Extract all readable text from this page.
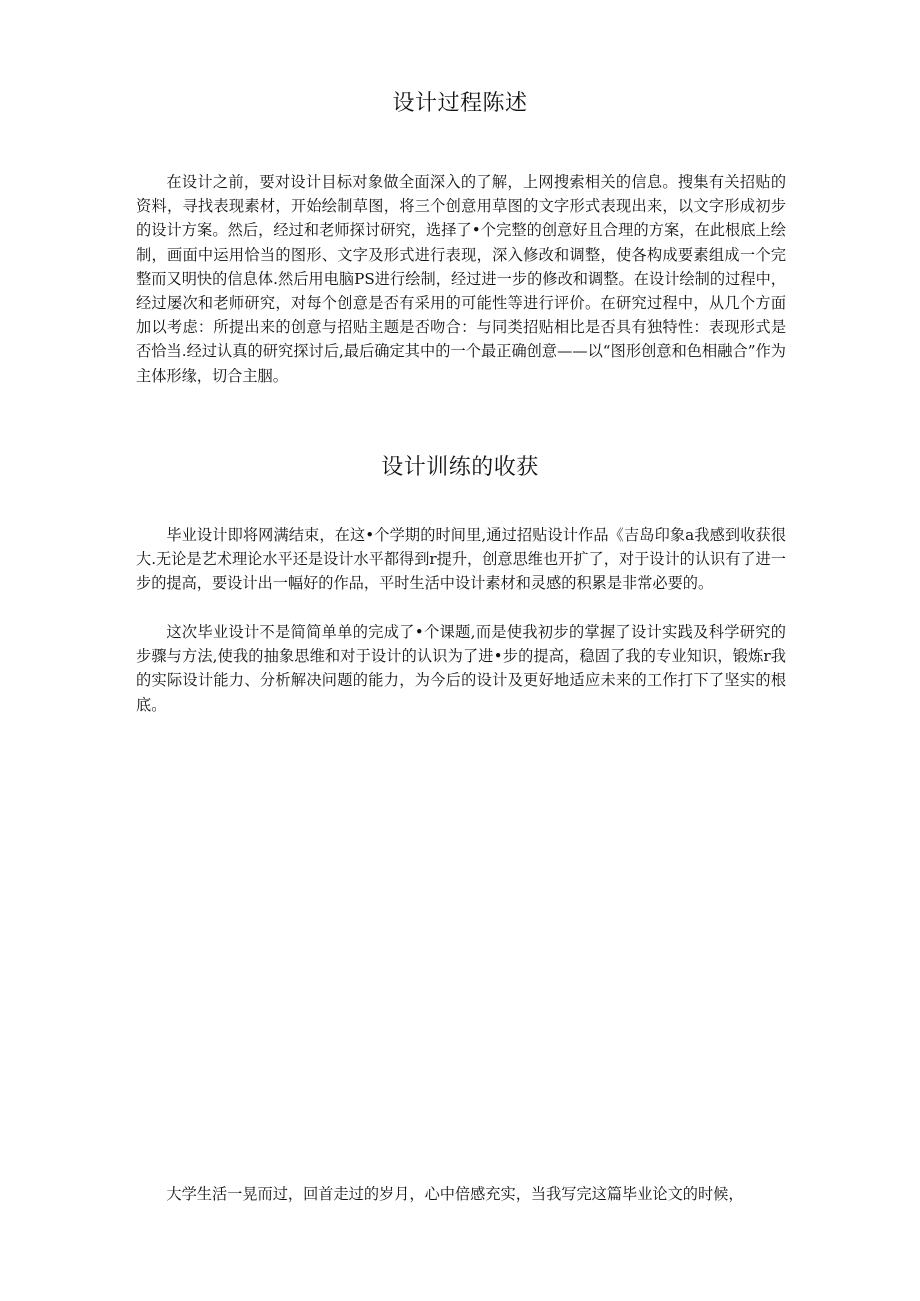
设计过程陈述

在设计之前，要对设计目标对象做全面深入的了解，上网搜索相关的信息。搜集有关招贴的资料，寻找表现素材，开始绘制草图，将三个创意用草图的文字形式表现出来，以文字形成初步的设计方案。然后，经过和老师探讨研究，选择了•个完整的创意好且合理的方案，在此根底上绘制，画面中运用恰当的图形、文字及形式进行表现，深入修改和调整，使各构成要素组成一个完整而又明快的信息体.然后用电脑PS进行绘制，经过进一步的修改和调整。在设计绘制的过程中，经过屡次和老师研究，对每个创意是否有采用的可能性等进行评价。在研究过程中，从几个方面加以考虑：所提出来的创意与招贴主题是否吻合：与同类招贴相比是否具有独特性：表现形式是否恰当.经过认真的研究探讨后,最后确定其中的一个最正确创意——以“图形创意和色相融合”作为主体形缘，切合主胭。

设计训练的收获

毕业设计即将网满结束，在这•个学期的时间里,通过招贴设计作品《吉岛印象a我感到收获很大.无论是艺术理论水平还是设计水平都得到r提升，创意思维也开扩了，对于设计的认识有了进一步的提高，要设计出一幅好的作品，平时生活中设计素材和灵感的积累是非常必要的。

这次毕业设计不是简简单单的完成了•个课题,而是使我初步的掌握了设计实践及科学研究的步骤与方法,使我的抽象思维和对于设计的认识为了进•步的提高，稳固了我的专业知识，锻炼r我的实际设计能力、分析解决问题的能力，为今后的设计及更好地适应未来的工作打下了坚实的根底。

大学生活一晃而过，回首走过的岁月，心中倍感充实，当我写完这篇毕业论文的时候，
